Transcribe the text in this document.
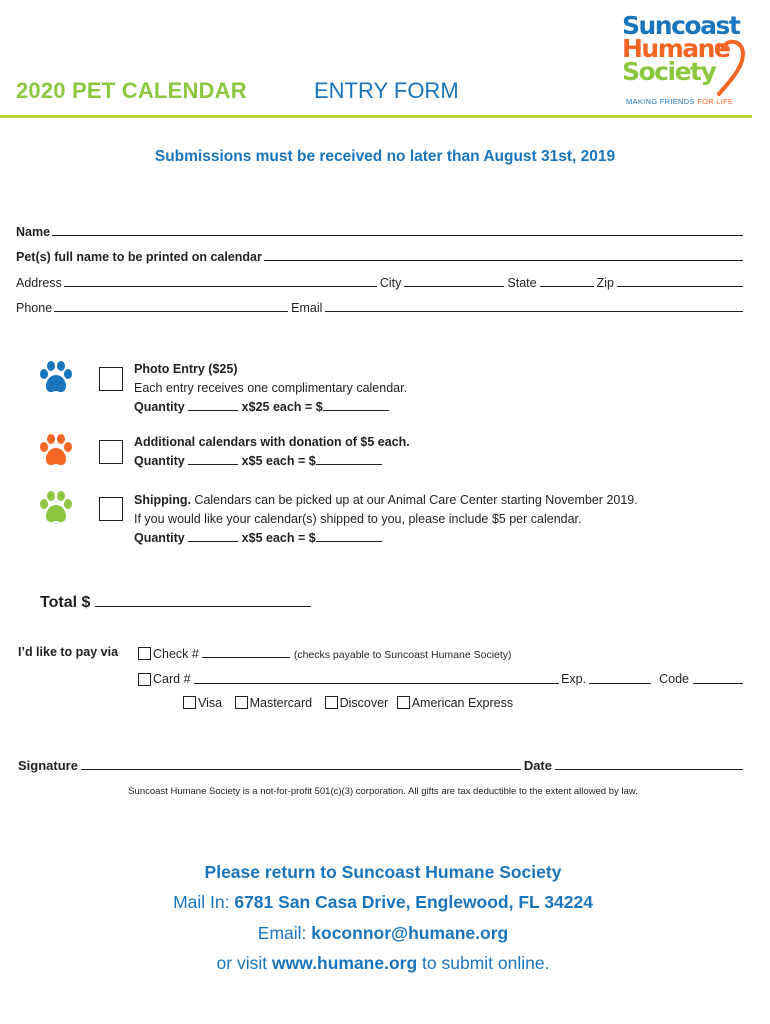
2020 PET CALENDAR	ENTRY FORM
Suncoast
Humane
Society
MAKING FRIENDS FOR LIFE
Submissions must be received no later than August 31st, 2019
Name
Pet(s) full name to be printed on calendar
Address	City	State	Zip
Phone	Email
Photo Entry ($25)
Each entry receives one complimentary calendar.
Quantity	x$25 each = $
Additional calendars with donation of $5 each.
Quantity	x$5 each = $
Shipping. Calendars can be picked up at our Animal Care Center starting November 2019.
If you would like your calendar(s) shipped to you, please include $5 per calendar.
Quantity	x$5 each = $
Total $
I’d like to pay via	Check #	(checks payable to Suncoast Humane Society)
Card #	Exp.	Code
Visa Mastercard Discover American Express
Signature	Date
Suncoast Humane Society is a not-for-profit 501(c)(3) corporation. All gifts are tax deductible to the extent allowed by law.
Please return to Suncoast Humane Society
Mail In: 6781 San Casa Drive, Englewood, FL 34224
Email: koconnor@humane.org
or visit www.humane.org to submit online.
